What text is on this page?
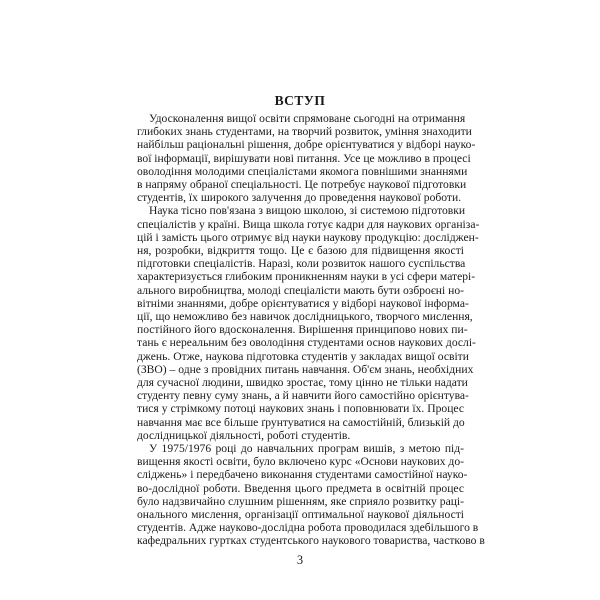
ВСТУП
Удосконалення вищої освіти спрямоване сьогодні на отримання
глибоких знань студентами, на творчий розвиток, уміння знаходити
найбільш раціональні рішення, добре орієнтуватися у відборі науко-
вої інформації, вирішувати нові питання. Усе це можливо в процесі
оволодіння молодими спеціалістами якомога повнішими знаннями
в напряму обраної спеціальності. Це потребує наукової підготовки
студентів, їх широкого залучення до проведення наукової роботи.
Наука тісно пов'язана з вищою школою, зі системою підготовки
спеціалістів у країні. Вища школа готує кадри для наукових організа-
цій і замість цього отримує від науки наукову продукцію: досліджен-
ня, розробки, відкриття тощо. Це є базою для підвищення якості
підготовки спеціалістів. Наразі, коли розвиток нашого суспільства
характеризується глибоким проникненням науки в усі сфери матері-
ального виробництва, молоді спеціалісти мають бути озброєні но-
вітніми знаннями, добре орієнтуватися у відборі наукової інформа-
ції, що неможливо без навичок дослідницького, творчого мислення,
постійного його вдосконалення. Вирішення принципово нових пи-
тань є нереальним без оволодіння студентами основ наукових дослі-
джень. Отже, наукова підготовка студентів у закладах вищої освіти
(ЗВО) – одне з провідних питань навчання. Об'єм знань, необхідних
для сучасної людини, швидко зростає, тому цінно не тільки надати
студенту певну суму знань, а й навчити його самостійно орієнтува-
тися у стрімкому потоці наукових знань і поповнювати їх. Процес
навчання має все більше ґрунтуватися на самостійній, близькій до
дослідницької діяльності, роботі студентів.
У 1975/1976 році до навчальних програм вишів, з метою під-
вищення якості освіти, було включено курс «Основи наукових до-
сліджень» і передбачено виконання студентами самостійної науко-
во-дослідної роботи. Введення цього предмета в освітній процес
було надзвичайно слушним рішенням, яке сприяло розвитку раці-
онального мислення, організації оптимальної наукової діяльності
студентів. Адже науково-дослідна робота проводилася здебільшого в
кафедральних гуртках студентського наукового товариства, частково в
3
